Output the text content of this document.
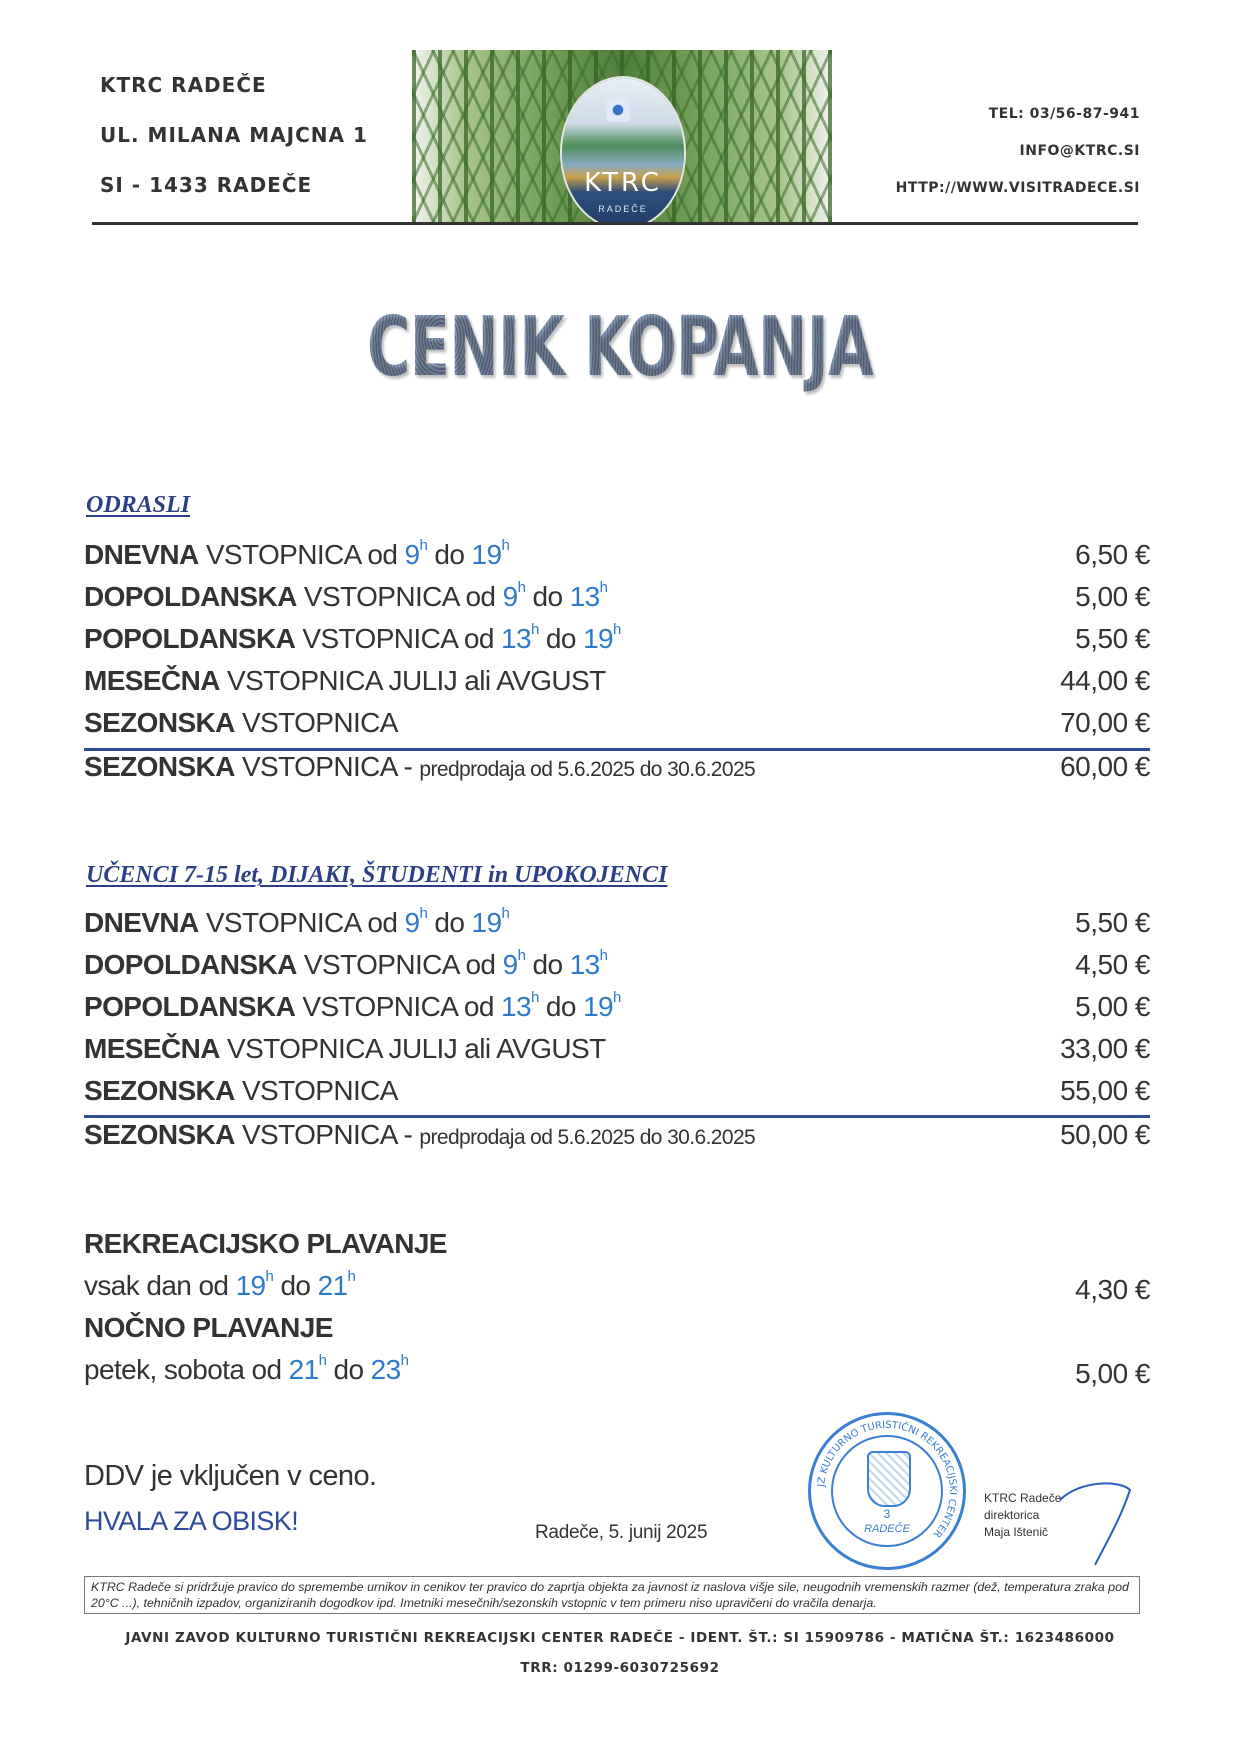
KTRC RADEČE
UL. MILANA MAJCNA 1
SI - 1433 RADEČE	KTRC
RADEČE
TEL: 03/56-87-941
INFO@KTRC.SI
HTTP://WWW.VISITRADECE.SI
CENIK KOPANJA
ODRASLI
DNEVNA VSTOPNICA od 9$^h$ do 19$^h$	6,50 €
DOPOLDANSKA VSTOPNICA od 9$^h$ do 13$^h$	5,00 €
POPOLDANSKA VSTOPNICA od 13$^h$ do 19$^h$	5,50 €
MESEČNA VSTOPNICA JULIJ ali AVGUST	44,00 €
SEZONSKA VSTOPNICA	70,00 €
SEZONSKA VSTOPNICA - predprodaja od 5.6.2025 do 30.6.2025	60,00 €
UČENCI 7-15 let, DIJAKI, ŠTUDENTI in UPOKOJENCI
DNEVNA VSTOPNICA od 9$^h$ do 19$^h$	5,50 €
DOPOLDANSKA VSTOPNICA od 9$^h$ do 13$^h$	4,50 €
POPOLDANSKA VSTOPNICA od 13$^h$ do 19$^h$	5,00 €
MESEČNA VSTOPNICA JULIJ ali AVGUST	33,00 €
SEZONSKA VSTOPNICA	55,00 €
SEZONSKA VSTOPNICA - predprodaja od 5.6.2025 do 30.6.2025	50,00 €
REKREACIJSKO PLAVANJE
vsak dan od 19$^h$ do 21$^h$	4,30 €
NOČNO PLAVANJE
petek, sobota od 21$^h$ do 23$^h$	5,00 €
DDV je vključen v ceno.
HVALA ZA OBISK!	Radeče, 5. junij 2025
JZ KULTURNO TURISTIČNI REKREACIJSKI CENTER
3
RADEČE
KTRC Radeče
direktorica
Maja Ištenič
KTRC Radeče si pridržuje pravico do spremembe urnikov in cenikov ter pravico do zaprtja objekta za javnost iz naslova višje sile, neugodnih vremenskih razmer (dež, temperatura zraka pod 20°C ...), tehničnih izpadov, organiziranih dogodkov ipd. Imetniki mesečnih/sezonskih vstopnic v tem primeru niso upravičeni do vračila denarja.
JAVNI ZAVOD KULTURNO TURISTIČNI REKREACIJSKI CENTER RADEČE - IDENT. ŠT.: SI 15909786 - MATIČNA ŠT.: 1623486000
TRR: 01299-6030725692
